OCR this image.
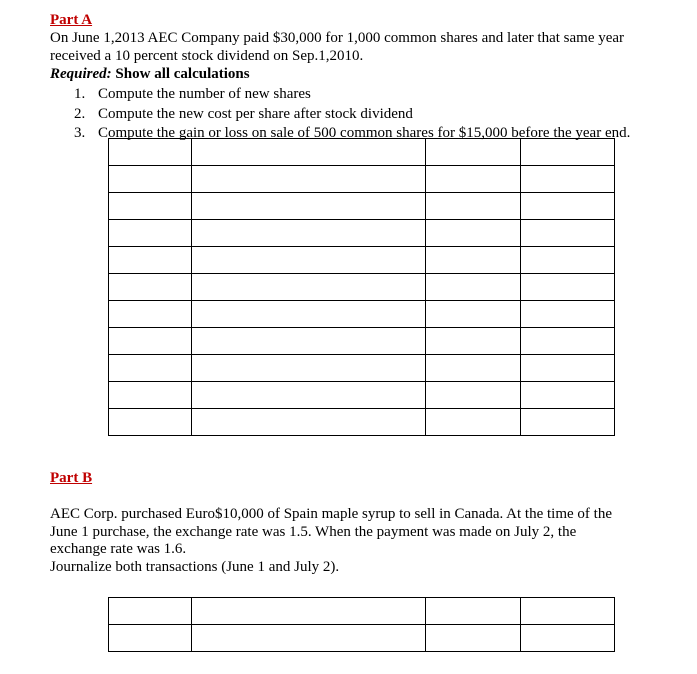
Part A
On June 1,2013 AEC Company paid $30,000 for 1,000 common shares and later that same year
received a 10 percent stock dividend on Sep.1,2010.
Required: Show all calculations
1. Compute the number of new shares
2. Compute the new cost per share after stock dividend
3. Compute the gain or loss on sale of 500 common shares for $15,000 before the year end.

Part B
AEC Corp. purchased Euro$10,000 of Spain maple syrup to sell in Canada. At the time of the
June 1 purchase, the exchange rate was 1.5. When the payment was made on July 2, the
exchange rate was 1.6.
Journalize both transactions (June 1 and July 2).
